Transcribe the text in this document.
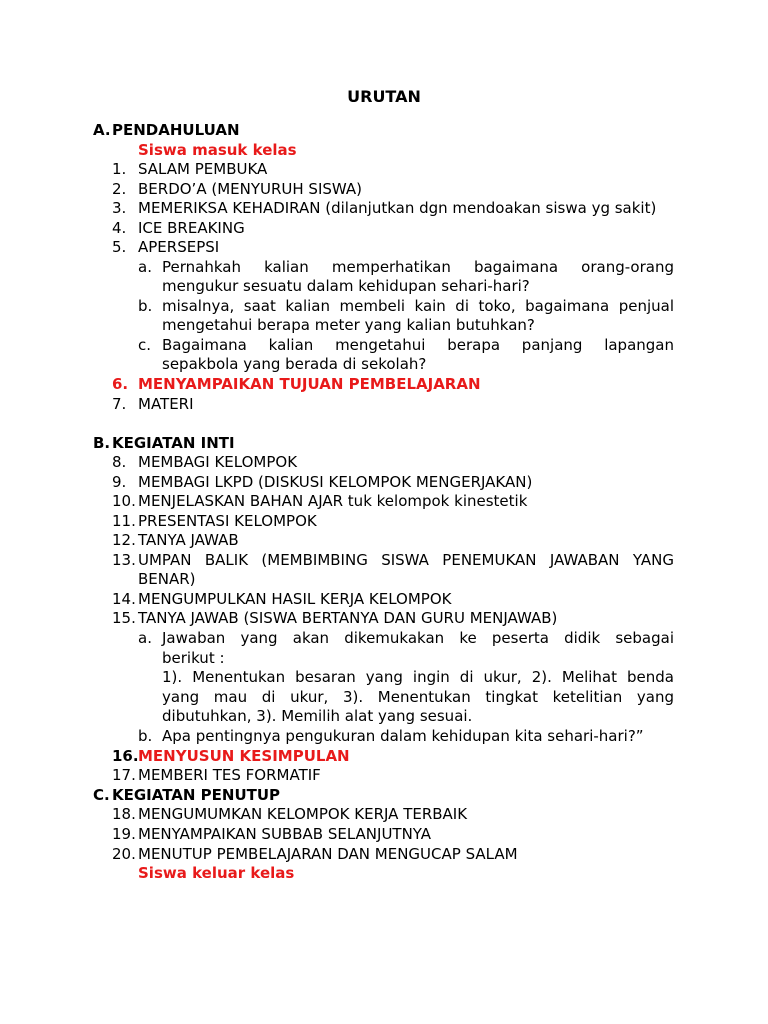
URUTAN
A. PENDAHULUAN
Siswa masuk kelas
1. SALAM PEMBUKA
2. BERDO’A (MENYURUH SISWA)
3. MEMERIKSA KEHADIRAN (dilanjutkan dgn mendoakan siswa yg sakit)
4. ICE BREAKING
5. APERSEPSI
a. Pernahkah kalian memperhatikan bagaimana orang-orang
mengukur sesuatu dalam kehidupan sehari-hari?
b. misalnya, saat kalian membeli kain di toko, bagaimana penjual
mengetahui berapa meter yang kalian butuhkan?
c. Bagaimana kalian mengetahui berapa panjang lapangan
sepakbola yang berada di sekolah?
6. MENYAMPAIKAN TUJUAN PEMBELAJARAN
7. MATERI
B. KEGIATAN INTI
8. MEMBAGI KELOMPOK
9. MEMBAGI LKPD (DISKUSI KELOMPOK MENGERJAKAN)
10. MENJELASKAN BAHAN AJAR tuk kelompok kinestetik
11. PRESENTASI KELOMPOK
12. TANYA JAWAB
13. UMPAN BALIK (MEMBIMBING SISWA PENEMUKAN JAWABAN YANG
BENAR)
14. MENGUMPULKAN HASIL KERJA KELOMPOK
15. TANYA JAWAB (SISWA BERTANYA DAN GURU MENJAWAB)
a. Jawaban yang akan dikemukakan ke peserta didik sebagai
berikut :
1). Menentukan besaran yang ingin di ukur, 2). Melihat benda
yang mau di ukur, 3). Menentukan tingkat ketelitian yang
dibutuhkan, 3). Memilih alat yang sesuai.
b. Apa pentingnya pengukuran dalam kehidupan kita sehari-hari?”
16. MENYUSUN KESIMPULAN
17. MEMBERI TES FORMATIF
C. KEGIATAN PENUTUP
18. MENGUMUMKAN KELOMPOK KERJA TERBAIK
19. MENYAMPAIKAN SUBBAB SELANJUTNYA
20. MENUTUP PEMBELAJARAN DAN MENGUCAP SALAM
Siswa keluar kelas
